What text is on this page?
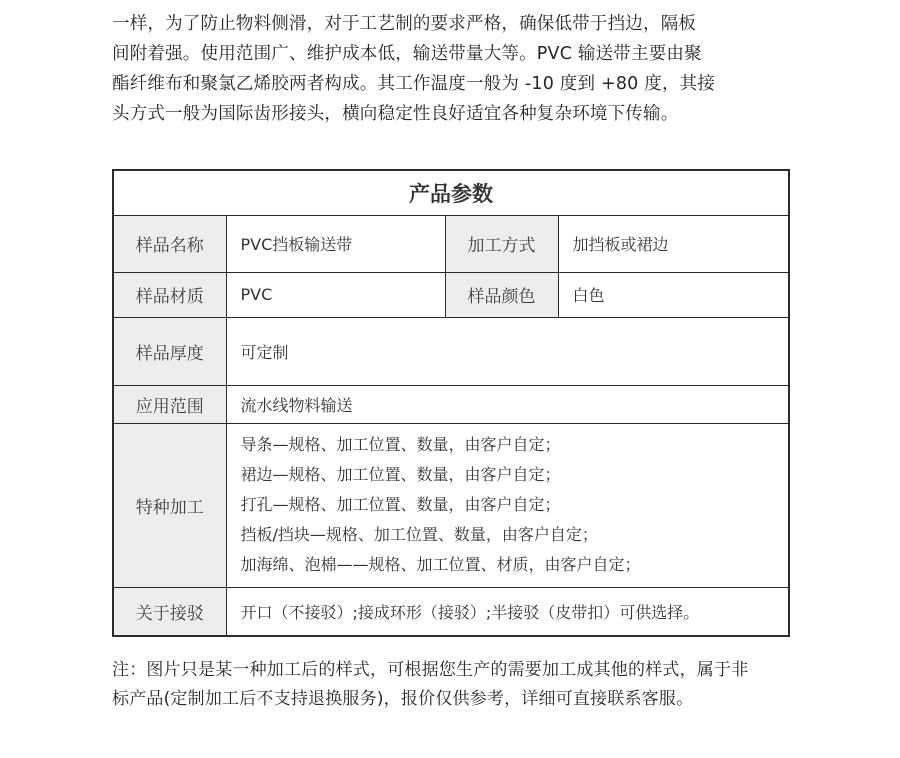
一样，为了防止物料侧滑，对于工艺制的要求严格，确保低带于挡边，隔板
间附着强。使用范围广、维护成本低，输送带量大等。PVC 输送带主要由聚
酯纤维布和聚氯乙烯胶两者构成。其工作温度一般为 -10 度到 +80 度，其接
头方式一般为国际齿形接头，横向稳定性良好适宜各种复杂环境下传输。
产品参数			
样品名称	PVC挡板输送带	加工方式	加挡板或裙边
样品材质	PVC	样品颜色	白色
样品厚度	可定制		
应用范围	流水线物料输送		
特种加工	导条—规格、加工位置、数量，由客户自定；
裙边—规格、加工位置、数量，由客户自定；
打孔—规格、加工位置、数量，由客户自定；
挡板/挡块—规格、加工位置、数量，由客户自定；
加海绵、泡棉——规格、加工位置、材质，由客户自定；		

关于接驳	开口（不接驳）;接成环形（接驳）;半接驳（皮带扣）可供选择。		
注：图片只是某一种加工后的样式，可根据您生产的需要加工成其他的样式，属于非
标产品(定制加工后不支持退换服务)，报价仅供参考，详细可直接联系客服。
